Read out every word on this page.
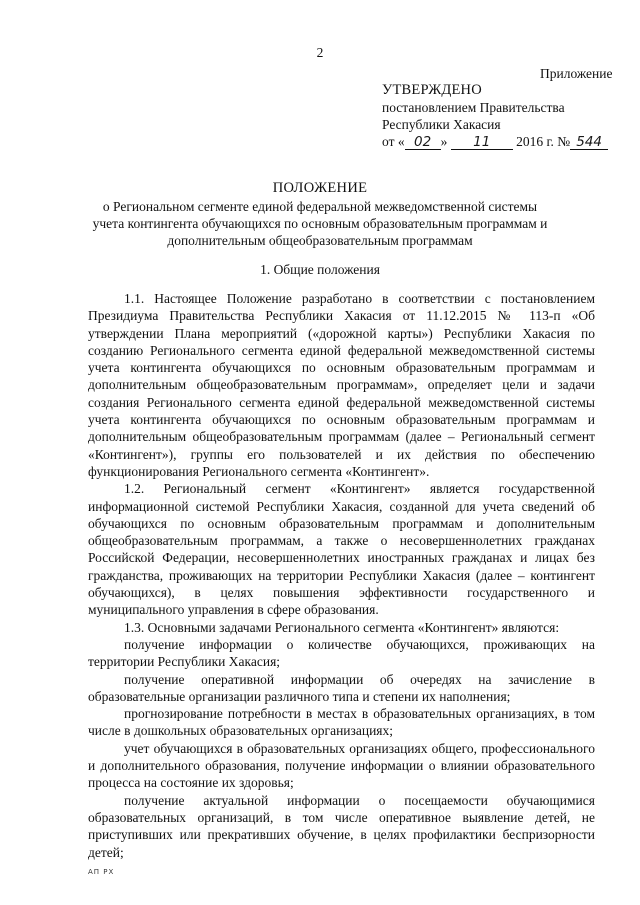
2
Приложение
УТВЕРЖДЕНО
постановлением Правительства
Республики Хакасия
от « 02 » 11 2016 г. № 544
ПОЛОЖЕНИЕ
о Региональном сегменте единой федеральной межведомственной системы учета контингента обучающихся по основным образовательным программам и дополнительным общеобразовательным программам
1. Общие положения

1.1. Настоящее Положение разработано в соответствии с постановлением Президиума Правительства Республики Хакасия от 11.12.2015 № 113-п «Об утверждении Плана мероприятий («дорожной карты») Республики Хакасия по созданию Регионального сегмента единой федеральной межведомственной системы учета контингента обучающихся по основным образовательным программам и дополнительным общеобразовательным программам», определяет цели и задачи создания Регионального сегмента единой федеральной межведомственной системы учета контингента обучающихся по основным образовательным программам и дополнительным общеобразовательным программам (далее – Региональный сегмент «Контингент»), группы его пользователей и их действия по обеспечению функционирования Регионального сегмента «Контингент».

1.2. Региональный сегмент «Контингент» является государственной информационной системой Республики Хакасия, созданной для учета сведений об обучающихся по основным образовательным программам и дополнительным общеобразовательным программам, а также о несовершеннолетних гражданах Российской Федерации, несовершеннолетних иностранных гражданах и лицах без гражданства, проживающих на территории Республики Хакасия (далее – контингент обучающихся), в целях повышения эффективности государственного и муниципального управления в сфере образования.

1.3. Основными задачами Регионального сегмента «Контингент» являются:

получение информации о количестве обучающихся, проживающих на территории Республики Хакасия;

получение оперативной информации об очередях на зачисление в образовательные организации различного типа и степени их наполнения;

прогнозирование потребности в местах в образовательных организациях, в том числе в дошкольных образовательных организациях;

учет обучающихся в образовательных организациях общего, профессионального и дополнительного образования, получение информации о влиянии образовательного процесса на состояние их здоровья;

получение актуальной информации о посещаемости обучающимися образовательных организаций, в том числе оперативное выявление детей, не приступивших или прекративших обучение, в целях профилактики беспризорности детей;

АП РХ
